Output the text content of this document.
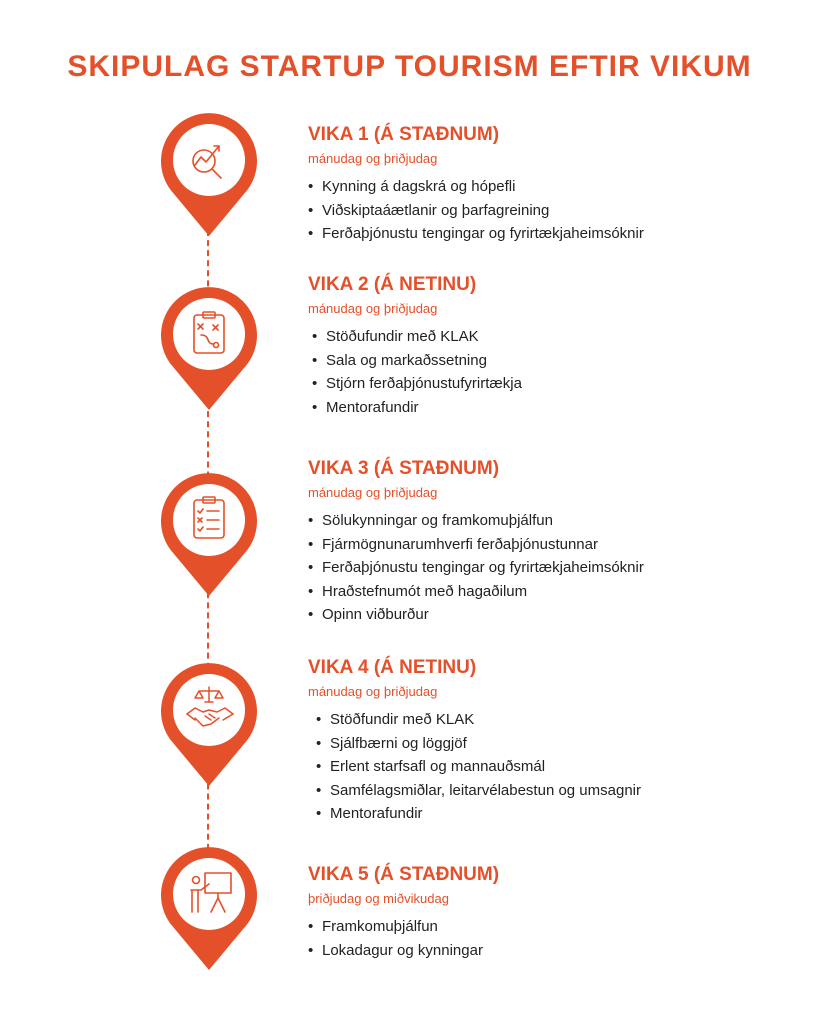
SKIPULAG STARTUP TOURISM EFTIR VIKUM
VIKA 1 (Á STAÐNUM)
mánudag og þriðjudag
• Kynning á dagskrá og hópefli
• Viðskiptaáætlanir og þarfagreining
• Ferðaþjónustu tengingar og fyrirtækjaheimsóknir
VIKA 2 (Á NETINU)
mánudag og þriðjudag
• Stöðufundir með KLAK
• Sala og markaðssetning
• Stjórn ferðaþjónustufyrirtækja
• Mentorafundir
VIKA 3 (Á STAÐNUM)
mánudag og þriðjudag
• Sölukynningar og framkomuþjálfun
• Fjármögnunarumhverfi ferðaþjónustunnar
• Ferðaþjónustu tengingar og fyrirtækjaheimsóknir
• Hraðstefnumót með hagaðilum
• Opinn viðburður
VIKA 4 (Á NETINU)
mánudag og þriðjudag
• Stöðfundir með KLAK
• Sjálfbærni og löggjöf
• Erlent starfsafl og mannauðsmál
• Samfélagsmiðlar, leitarvélabestun og umsagnir
• Mentorafundir
VIKA 5 (Á STAÐNUM)
þriðjudag og miðvikudag
• Framkomuþjálfun
• Lokadagur og kynningar
